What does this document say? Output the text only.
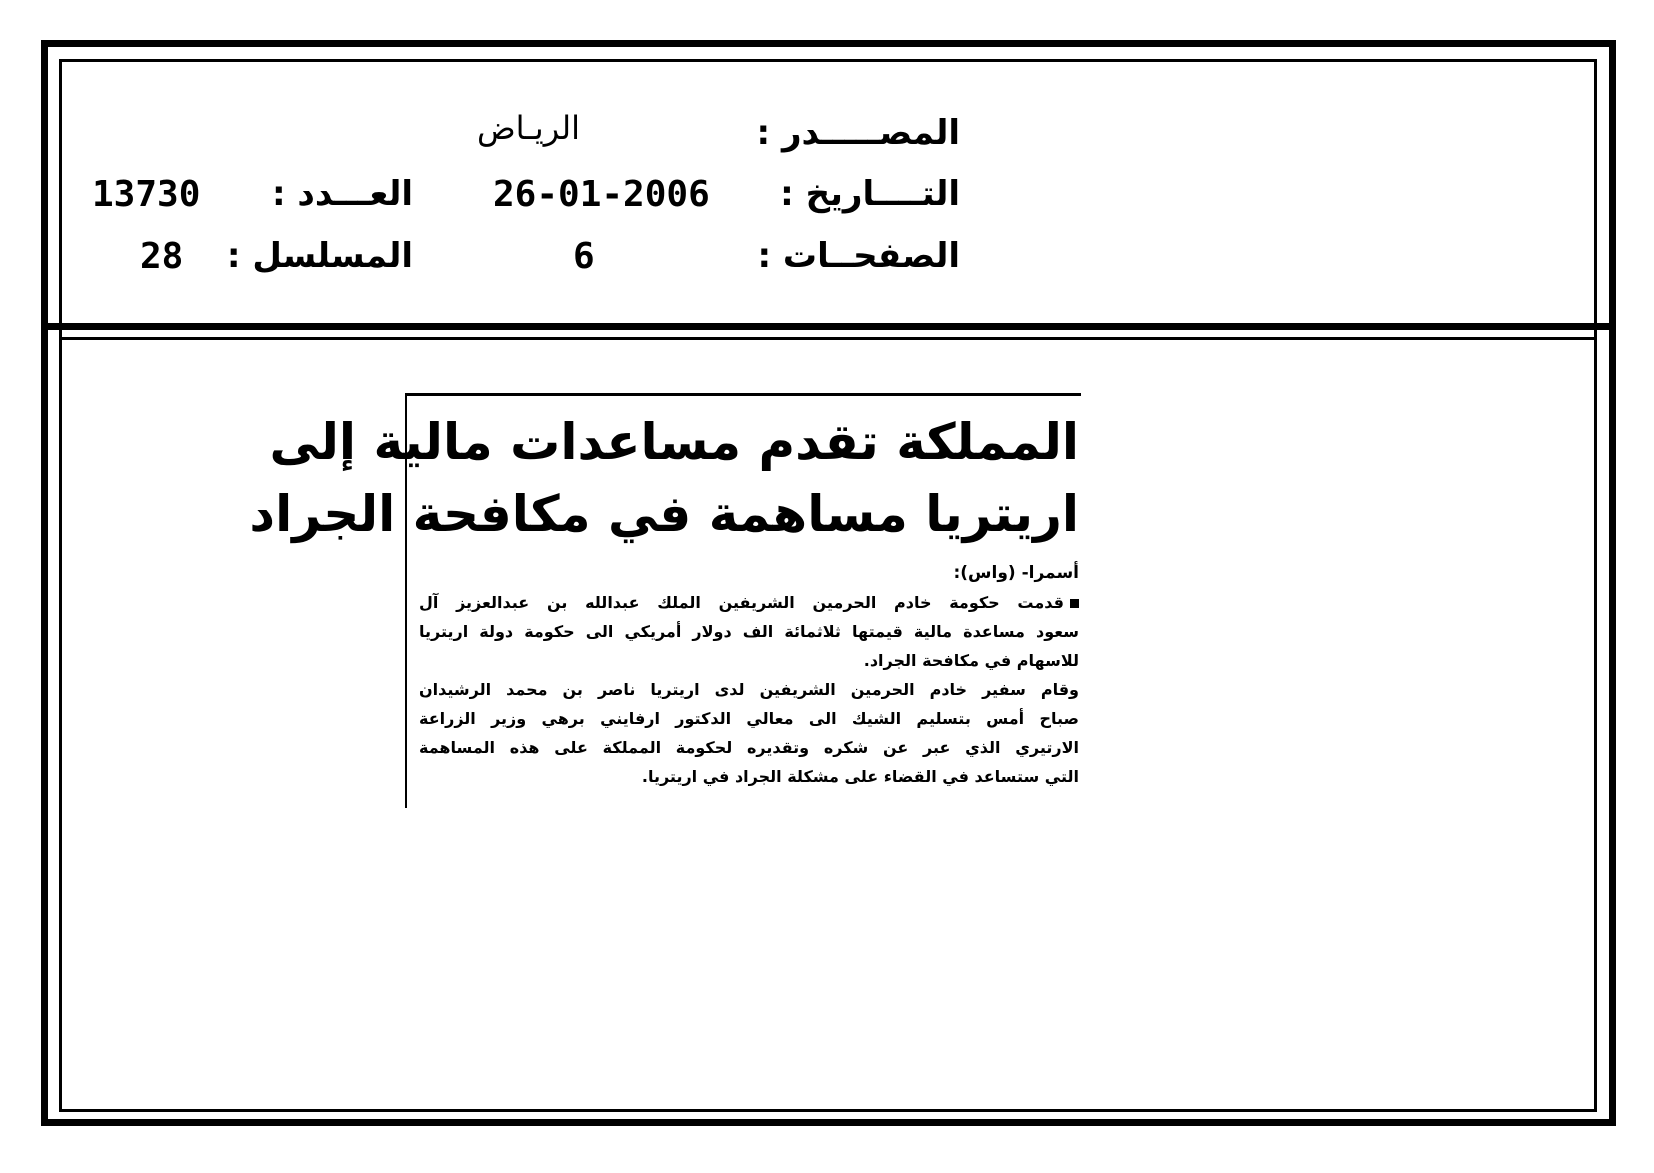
المصـــــدر :
الريـاض
التــــاريخ :
26-01-2006
العـــدد :
13730
الصفحــات :
6
المسلسل :
28
المملكة تقدم مساعدات مالية إلى
اريتريا مساهمة في مكافحة الجراد
أسمرا- (واس):
قدمت حكومة خادم الحرمين الشريفين الملك عبدالله بن عبدالعزيز آل
سعود مساعدة مالية قيمتها ثلاثمائة الف دولار أمريكي الى حكومة دولة اريتريا
للاسهام في مكافحة الجراد.
وقام سفير خادم الحرمين الشريفين لدى اريتريا ناصر بن محمد الرشيدان
صباح أمس بتسليم الشيك الى معالي الدكتور ارفايني برهي وزير الزراعة
الارتيري الذي عبر عن شكره وتقديره لحكومة المملكة على هذه المساهمة
التي ستساعد في القضاء على مشكلة الجراد في اريتريا.
